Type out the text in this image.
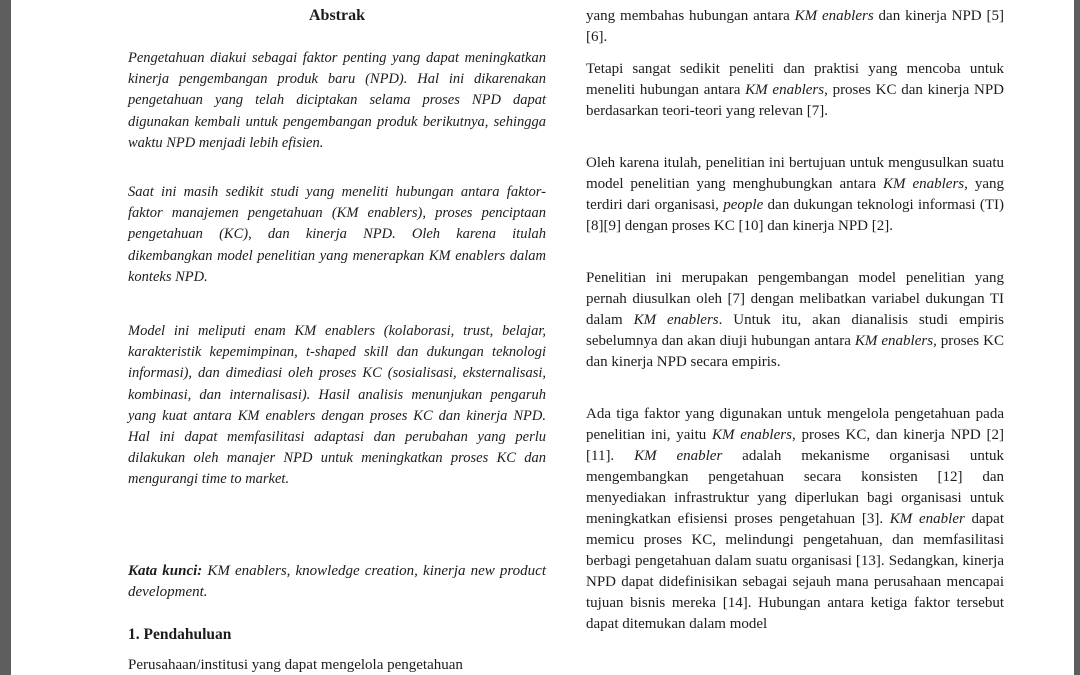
Abstrak

Pengetahuan diakui sebagai faktor penting yang dapat meningkatkan kinerja pengembangan produk baru (NPD). Hal ini dikarenakan pengetahuan yang telah diciptakan selama proses NPD dapat digunakan kembali untuk pengembangan produk berikutnya, sehingga waktu NPD menjadi lebih efisien.

Saat ini masih sedikit studi yang meneliti hubungan antara faktor-faktor manajemen pengetahuan (KM enablers), proses penciptaan pengetahuan (KC), dan kinerja NPD. Oleh karena itulah dikembangkan model penelitian yang menerapkan KM enablers dalam konteks NPD.

Model ini meliputi enam KM enablers (kolaborasi, trust, belajar, karakteristik kepemimpinan, t-shaped skill dan dukungan teknologi informasi), dan dimediasi oleh proses KC (sosialisasi, eksternalisasi, kombinasi, dan internalisasi). Hasil analisis menunjukan pengaruh yang kuat antara KM enablers dengan proses KC dan kinerja NPD. Hal ini dapat memfasilitasi adaptasi dan perubahan yang perlu dilakukan oleh manajer NPD untuk meningkatkan proses KC dan mengurangi time to market.

Kata kunci: KM enablers, knowledge creation, kinerja new product development.

1. Pendahuluan

Perusahaan/institusi yang dapat mengelola pengetahuan

yang membahas hubungan antara KM enablers dan kinerja NPD [5][6].

Tetapi sangat sedikit peneliti dan praktisi yang mencoba untuk meneliti hubungan antara KM enablers, proses KC dan kinerja NPD berdasarkan teori-teori yang relevan [7].

Oleh karena itulah, penelitian ini bertujuan untuk mengusulkan suatu model penelitian yang menghubungkan antara KM enablers, yang terdiri dari organisasi, people dan dukungan teknologi informasi (TI) [8][9] dengan proses KC [10] dan kinerja NPD [2].

Penelitian ini merupakan pengembangan model penelitian yang pernah diusulkan oleh [7] dengan melibatkan variabel dukungan TI dalam KM enablers. Untuk itu, akan dianalisis studi empiris sebelumnya dan akan diuji hubungan antara KM enablers, proses KC dan kinerja NPD secara empiris.

Ada tiga faktor yang digunakan untuk mengelola pengetahuan pada penelitian ini, yaitu KM enablers, proses KC, dan kinerja NPD [2][11]. KM enabler adalah mekanisme organisasi untuk mengembangkan pengetahuan secara konsisten [12] dan menyediakan infrastruktur yang diperlukan bagi organisasi untuk meningkatkan efisiensi proses pengetahuan [3]. KM enabler dapat memicu proses KC, melindungi pengetahuan, dan memfasilitasi berbagi pengetahuan dalam suatu organisasi [13]. Sedangkan, kinerja NPD dapat didefinisikan sebagai sejauh mana perusahaan mencapai tujuan bisnis mereka [14]. Hubungan antara ketiga faktor tersebut dapat ditemukan dalam model
